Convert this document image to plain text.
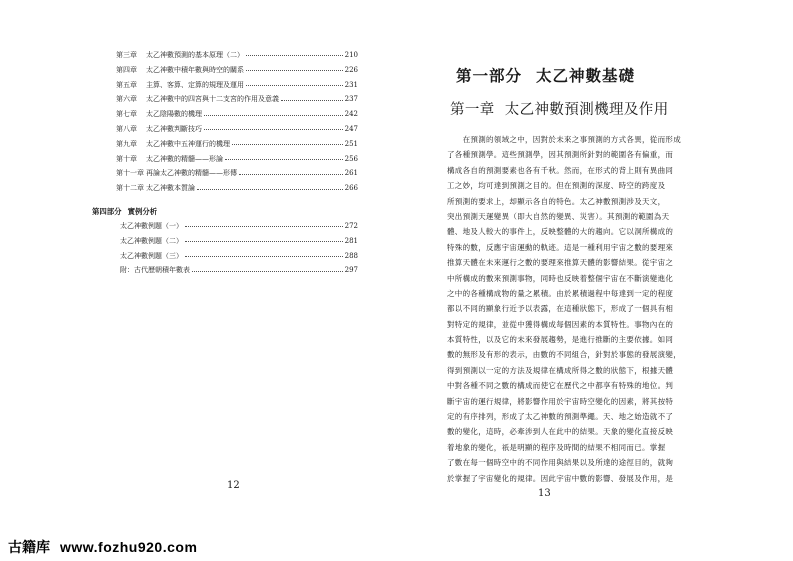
第三章	太乙神數預測的基本原理（二）	210
第四章	太乙神數中積年數與時空的關系	226
第五章	主算、客算、定算的規理及運用	231
第六章	太乙神數中的四宮與十二支宮的作用及意義	237
第七章	太乙陰陽數的機理	242
第八章	太乙神數判斷技巧	247
第九章	太乙神數中五神運行的機理	251
第十章	太乙神數的精髓——形論	256
第十一章 再論太乙神數的精髓——形傳	261
第十二章 太乙神數本質論	266
第四部分 實例分析
太乙神數例題（一）	272
太乙神數例題（二）	281
太乙神數例題（三）	288
附：古代歷朝積年數表	297
12
第一部分 太乙神數基礎
第一章 太乙神數預測機理及作用
　　在預測的領域之中，因對於未來之事預測的方式各異，從而形成
了各種預測學。這些預測學，因其預測所針對的範圍各有偏重，而
構成各自的預測要素也各有千秋。然而，在形式的背上則有異曲同
工之妙，均可達到預測之目的。但在預測的深度、時空的跨度及
所預測的要求上，却顯示各自的特色。太乙神數預測涉及天文，
突出預測天運變異（即大自然的變異、災害）。其預測的範圍為天
體、地及人較大的事件上，反映整體的大的趨向。它以洞所構成的
特殊的數，反應宇宙運動的軌迹。這是一種利用宇宙之數的要理來
推算天體在未來運行之數的要理來推算天體的影響結果。從宇宙之
中所構成的數來預測事物，同時也反映着整個宇宙在不斷演變進化
之中的各種構成物的量之累積。由於累積過程中每達到一定的程度
都以不同的顯象行近予以表露，在這種狀態下，形成了一個具有相
對特定的規律，並從中獲得構成每個因素的本質特性。事物內在的
本質特性，以及它的未來發展趨勢，是進行推斷的主要依據。如同
數的無形及有形的表示，由數的不同組合，針對於事態的發展演變，
得到預測以一定的方法及規律在構成所得之數的狀態下，根據天體
中對各種不同之數的構成而使它在歷代之中都享有特殊的地位。判
斷宇宙的運行規律，將影響作用於宇宙時空變化的因素，將其按特
定的有序排列，形成了太乙神數的預測準繩。天、地之始造就不了
數的變化，這時，必牽涉到人在此中的結果。天象的變化直接反映
着地象的變化，祇是明顯的程序及時間的結果不相同而已。掌握
了數在每一個時空中的不同作用與結果以及所達的途徑目的，就夠
於掌握了宇宙變化的規律。因此宇宙中數的影響、發展及作用，是
13
古籍库 www.fozhu920.com
